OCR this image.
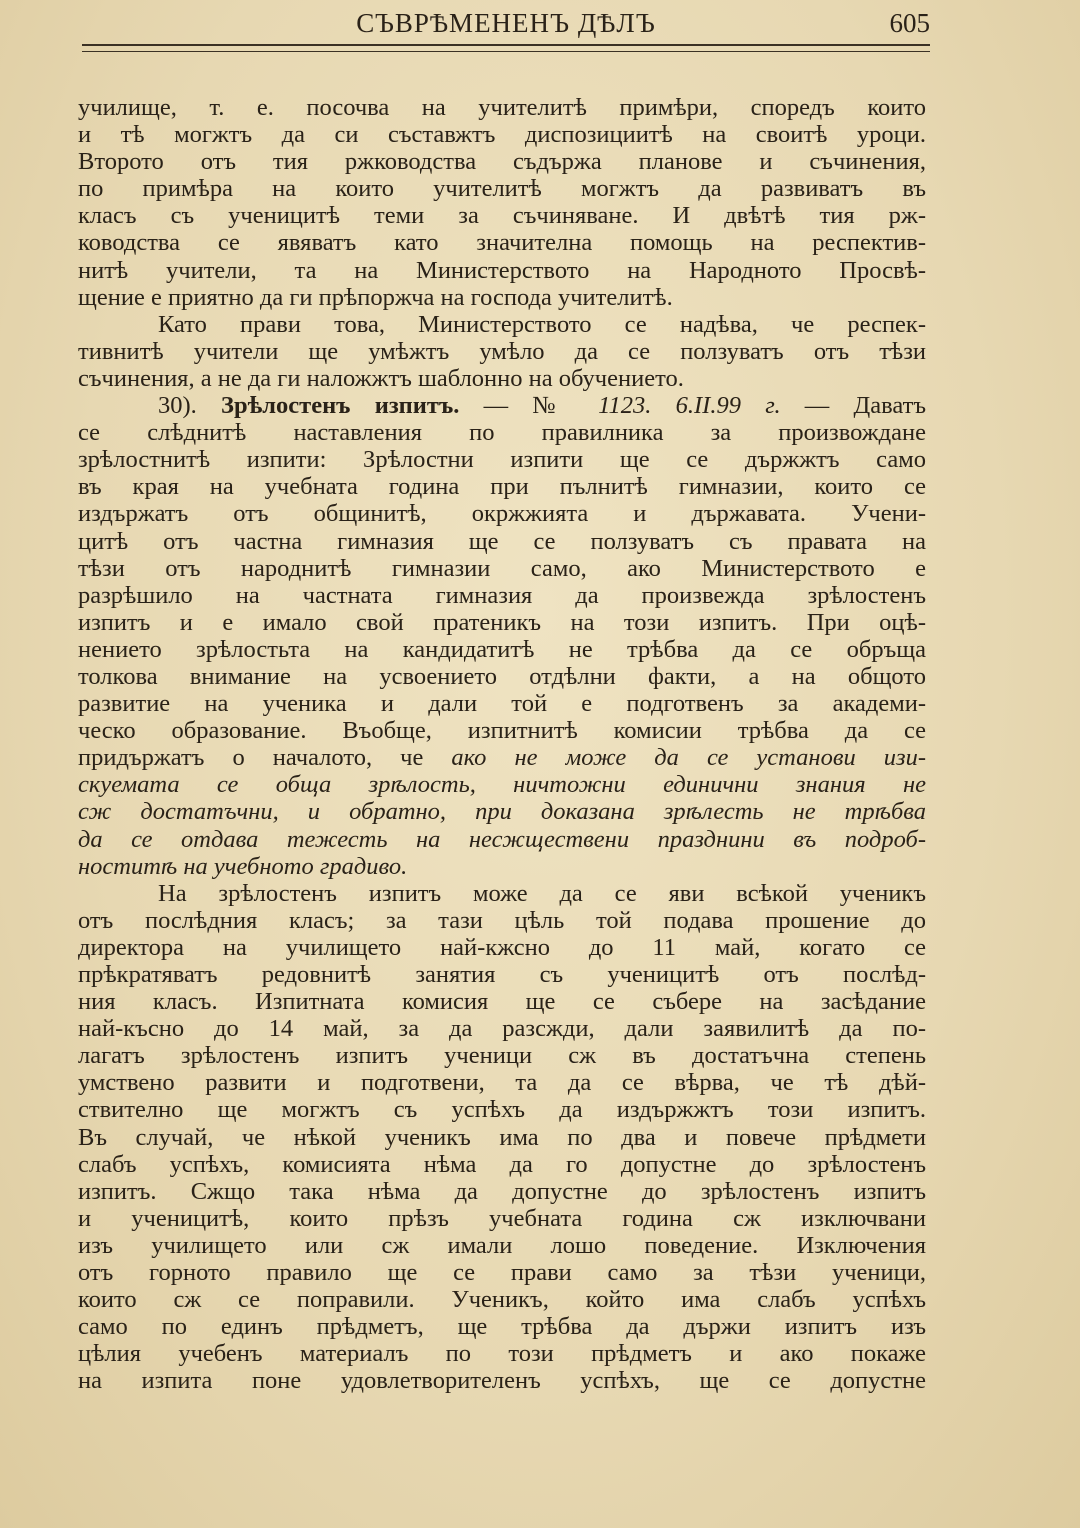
СЪВРѢМЕНЕНЪ ДѢЛЪ	605
училище, т. е. посочва на учителитѣ примѣри, споредъ които
и тѣ могжтъ да си съставжтъ диспозициитѣ на своитѣ уроци.
Второто отъ тия ржководства съдържа планове и съчинения,
по примѣра на които учителитѣ могжтъ да развиватъ въ
класъ съ ученицитѣ теми за съчиняване. И двѣтѣ тия рж-
ководства се явяватъ като значителна помощь на респектив-
нитѣ учители, та на Министерството на Народното Просвѣ-
щение е приятно да ги прѣпоржча на господа учителитѣ.
Като прави това, Министерството се надѣва, че респек-
тивнитѣ учители ще умѣжтъ умѣло да се ползуватъ отъ тѣзи
съчинения, а не да ги наложжтъ шаблонно на обучението.
30). Зрѣлостенъ изпитъ. — № 1123. 6.II.99 г. — Даватъ
се слѣднитѣ наставления по правилника за произвождане
зрѣлостнитѣ изпити: Зрѣлостни изпити ще се държжтъ само
въ края на учебната година при пълнитѣ гимназии, които се
издържатъ отъ общинитѣ, окржжията и държавата. Учени-
цитѣ отъ частна гимназия ще се ползуватъ съ правата на
тѣзи отъ народнитѣ гимназии само, ако Министерството е
разрѣшило на частната гимназия да произвежда зрѣлостенъ
изпитъ и е имало свой пратеникъ на този изпитъ. При оцѣ-
нението зрѣлостьта на кандидатитѣ не трѣбва да се обръща
толкова внимание на усвоението отдѣлни факти, а на общото
развитие на ученика и дали той е подготвенъ за академи-
ческо образование. Въобще, изпитнитѣ комисии трѣбва да се
придържатъ о началото, че ако не може да се установи изи-
скуемата се обща зрѣлость, ничтожни единични знания не
сж достатъчни, и обратно, при доказана зрѣлесть не трѣбва
да се отдава тежесть на несжществени празднини въ подроб-
ноститѣ на учебното градиво.
На зрѣлостенъ изпитъ може да се яви всѣкой ученикъ
отъ послѣдния класъ; за тази цѣль той подава прошение до
директора на училището най-кжсно до 11 май, когато се
прѣкратяватъ редовнитѣ занятия съ ученицитѣ отъ послѣд-
ния класъ. Изпитната комисия ще се събере на засѣдание
най-късно до 14 май, за да разсжди, дали заявилитѣ да по-
лагатъ зрѣлостенъ изпитъ ученици сж въ достатъчна степень
умствено развити и подготвени, та да се вѣрва, че тѣ дѣй-
ствително ще могжтъ съ успѣхъ да издържжтъ този изпитъ.
Въ случай, че нѣкой ученикъ има по два и повече прѣдмети
слабъ успѣхъ, комисията нѣма да го допустне до зрѣлостенъ
изпитъ. Сжщо така нѣма да допустне до зрѣлостенъ изпитъ
и ученицитѣ, които прѣзъ учебната година сж изключвани
изъ училището или сж имали лошо поведение. Изключения
отъ горното правило ще се прави само за тѣзи ученици,
които сж се поправили. Ученикъ, който има слабъ успѣхъ
само по единъ прѣдметъ, ще трѣбва да държи изпитъ изъ
цѣлия учебенъ материалъ по този прѣдметъ и ако покаже
на изпита поне удовлетворителенъ успѣхъ, ще се допустне
